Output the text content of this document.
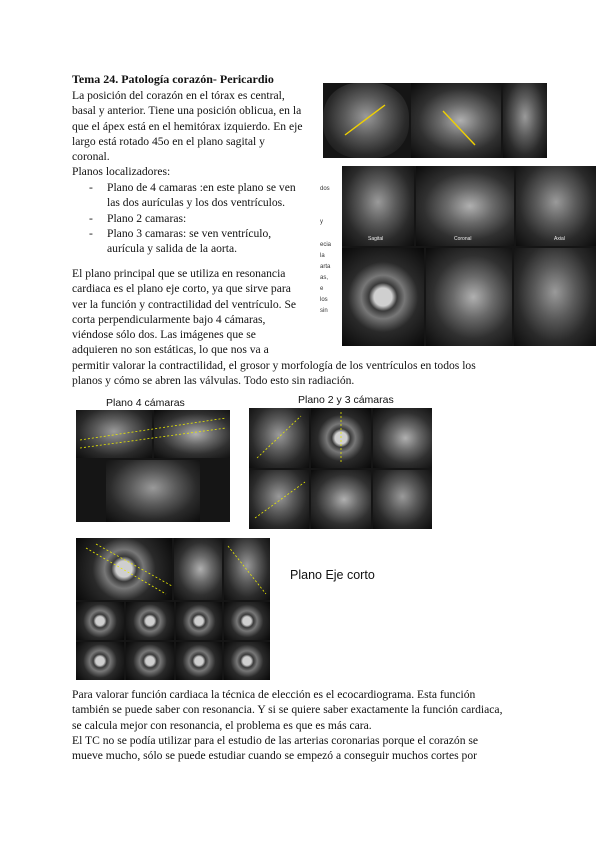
Tema 24. Patología corazón- Pericardio
La posición del corazón en el tórax es central,
basal y anterior. Tiene una posición oblicua, en la
que el ápex está en el hemitórax izquierdo. En eje
largo está rotado 45o en el plano sagital y
coronal.
Planos localizadores:
- Plano de 4 camaras :en este plano se ven
las dos aurículas y los dos ventrículos.
- Plano 2 camaras:
- Plano 3 camaras: se ven ventrículo,
aurícula y salida de la aorta.
El plano principal que se utiliza en resonancia
cardiaca es el plano eje corto, ya que sirve para
ver la función y contractilidad del ventrículo. Se
corta perpendicularmente bajo 4 cámaras,
viéndose sólo dos. Las imágenes que se
adquieren no son estáticas, lo que nos va a
permitir valorar la contractilidad, el grosor y morfología de los ventrículos en todos los
planos y cómo se abren las válvulas. Todo esto sin radiación.
dos
y
ecia
la
arta
as,
e
los
sin
Sagital	Coronal	Axial
Plano 4 cámaras	Plano 2 y 3 cámaras
Plano Eje corto
Para valorar función cardiaca la técnica de elección es el ecocardiograma. Esta función
también se puede saber con resonancia. Y si se quiere saber exactamente la función cardiaca,
se calcula mejor con resonancia, el problema es que es más cara.
El TC no se podía utilizar para el estudio de las arterias coronarias porque el corazón se
mueve mucho, sólo se puede estudiar cuando se empezó a conseguir muchos cortes por
